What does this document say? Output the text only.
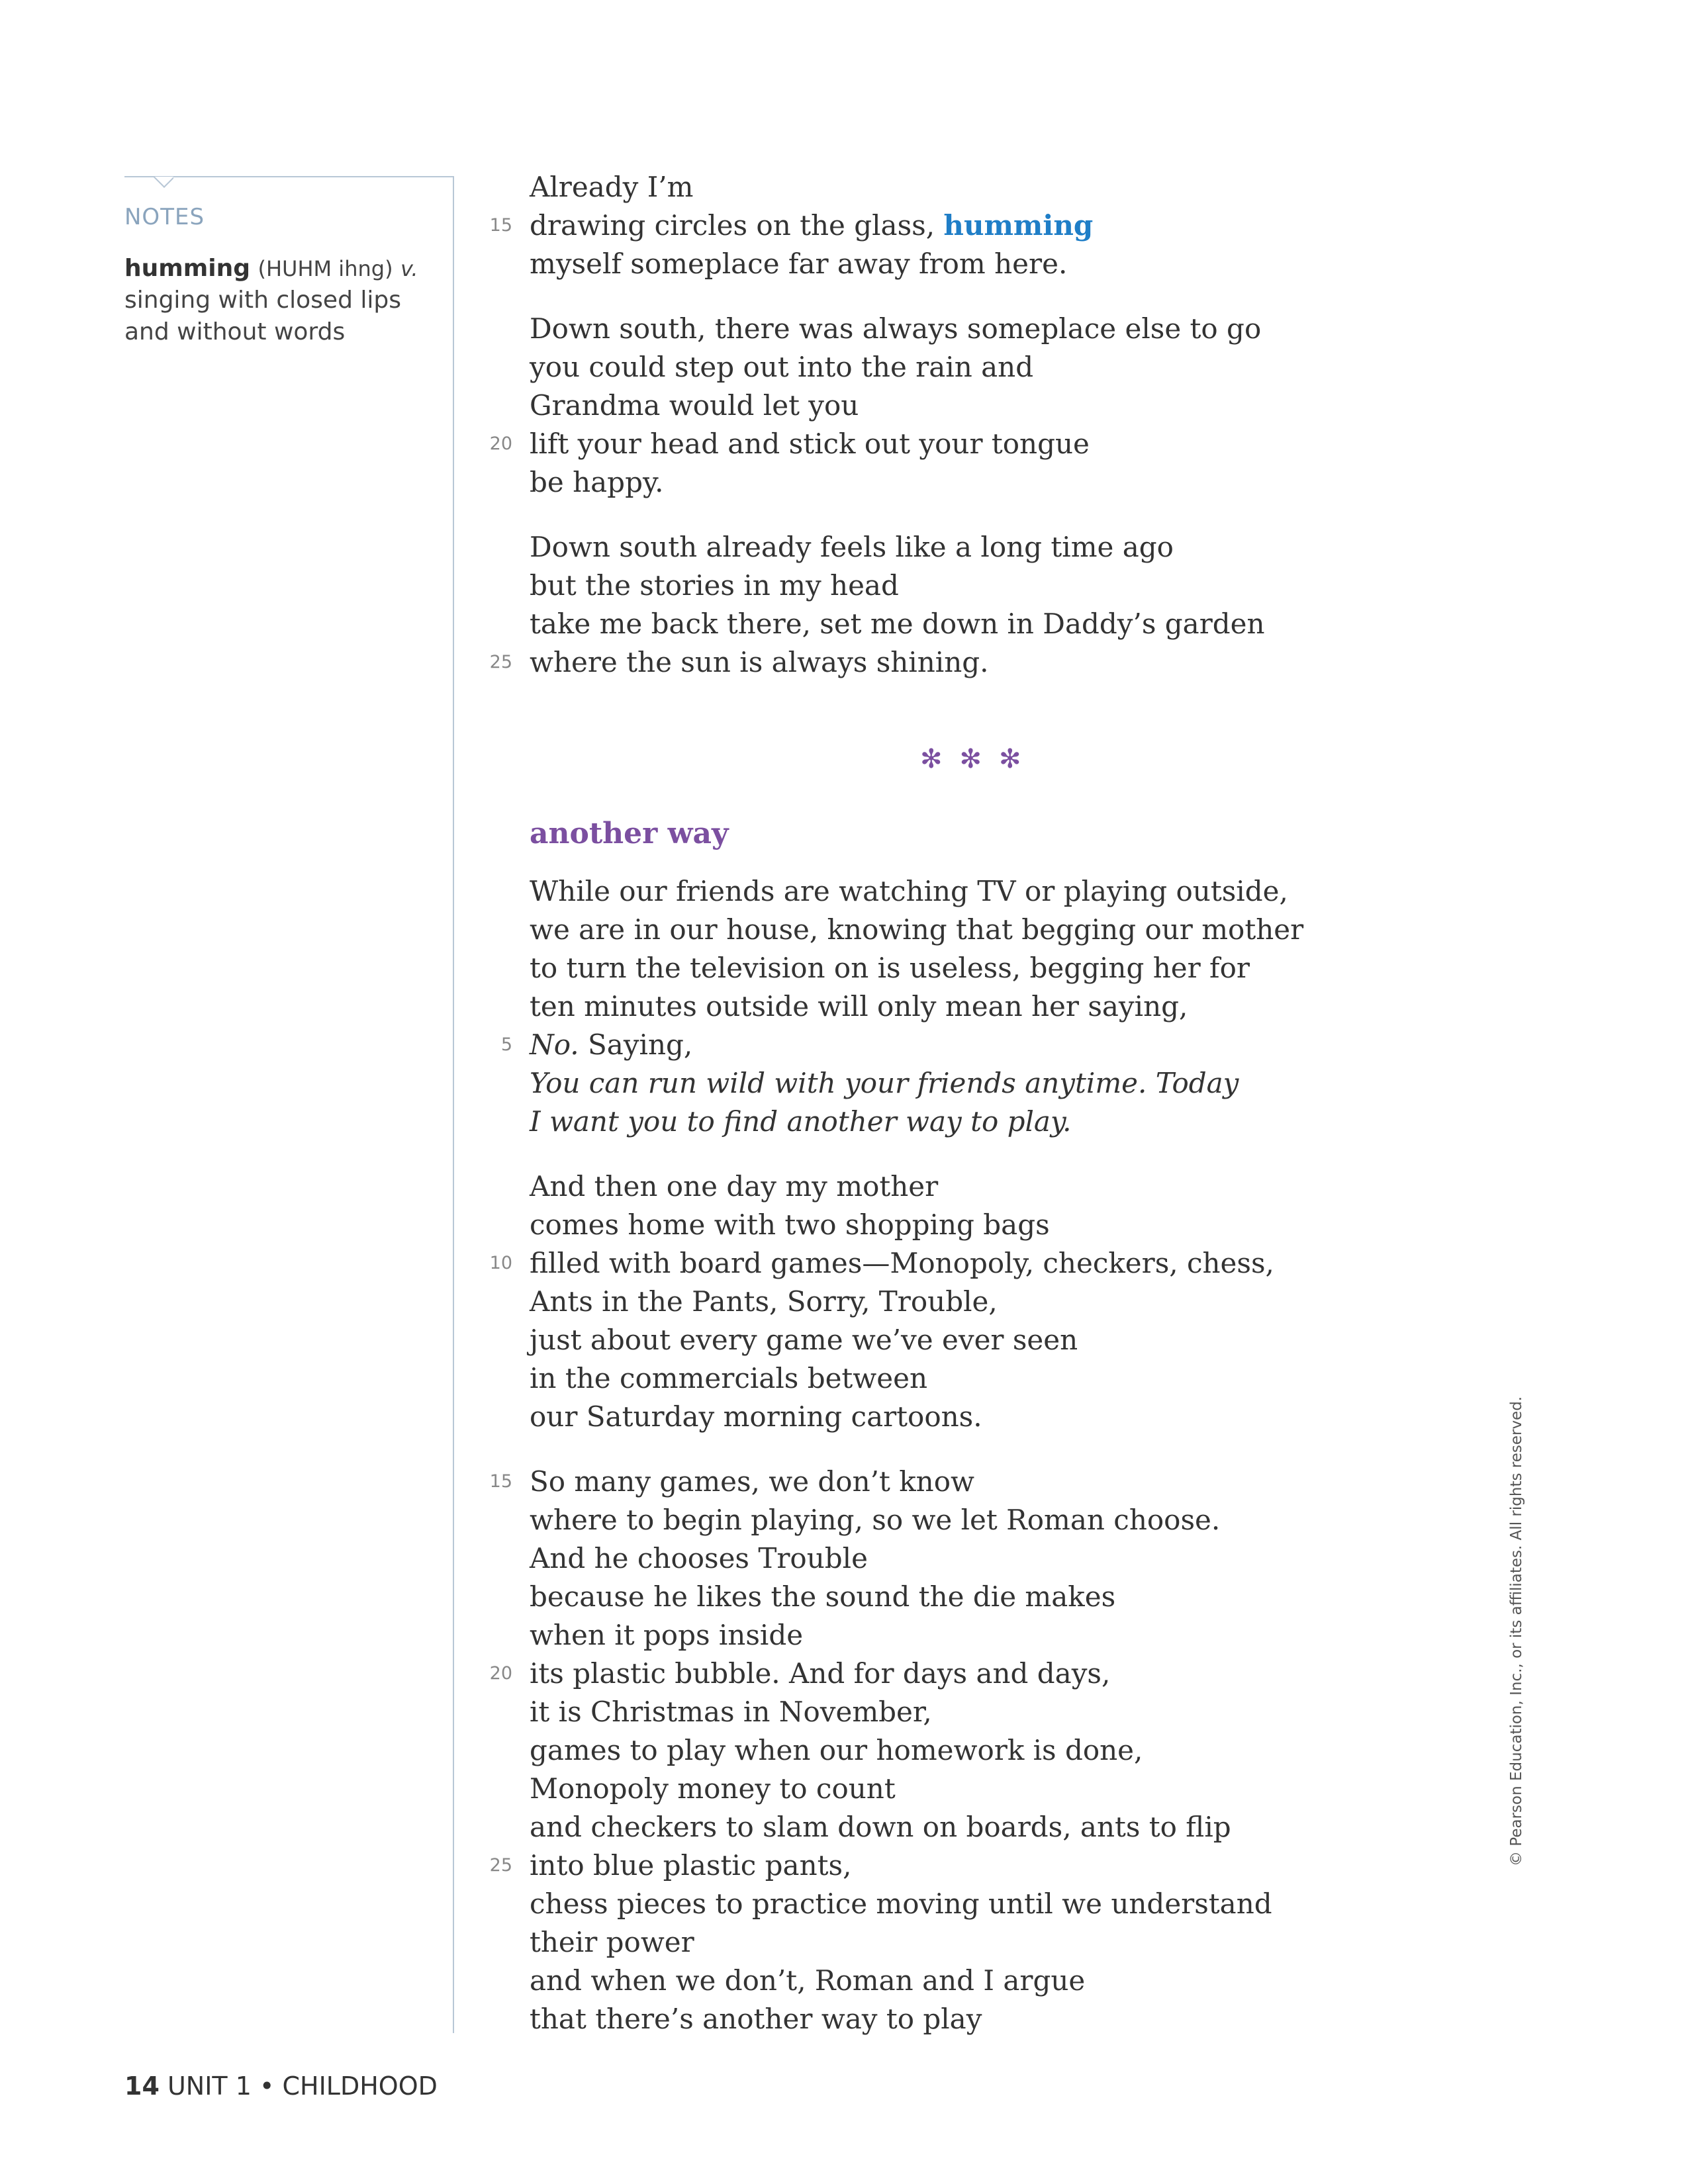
NOTES
humming (HUHM ihng) v.
singing with closed lips and without words
Already I’m
15 drawing circles on the glass, humming
myself someplace far away from here.
Down south, there was always someplace else to go
you could step out into the rain and
Grandma would let you
20 lift your head and stick out your tongue
be happy.
Down south already feels like a long time ago
but the stories in my head
take me back there, set me down in Daddy’s garden
25 where the sun is always shining.
✻✻✻
another way
While our friends are watching TV or playing outside,
we are in our house, knowing that begging our mother
to turn the television on is useless, begging her for
ten minutes outside will only mean her saying,
5 No. Saying,
You can run wild with your friends anytime. Today
I want you to find another way to play.
And then one day my mother
comes home with two shopping bags
10 filled with board games—Monopoly, checkers, chess,
Ants in the Pants, Sorry, Trouble,
just about every game we’ve ever seen
in the commercials between
our Saturday morning cartoons.
15 So many games, we don’t know
where to begin playing, so we let Roman choose.
And he chooses Trouble
because he likes the sound the die makes
when it pops inside
20 its plastic bubble. And for days and days,
it is Christmas in November,
games to play when our homework is done,
Monopoly money to count
and checkers to slam down on boards, ants to flip
25 into blue plastic pants,
chess pieces to practice moving until we understand
their power
and when we don’t, Roman and I argue
that there’s another way to play
14 UNIT 1 • CHILDHOOD
© Pearson Education, Inc., or its affiliates. All rights reserved.
